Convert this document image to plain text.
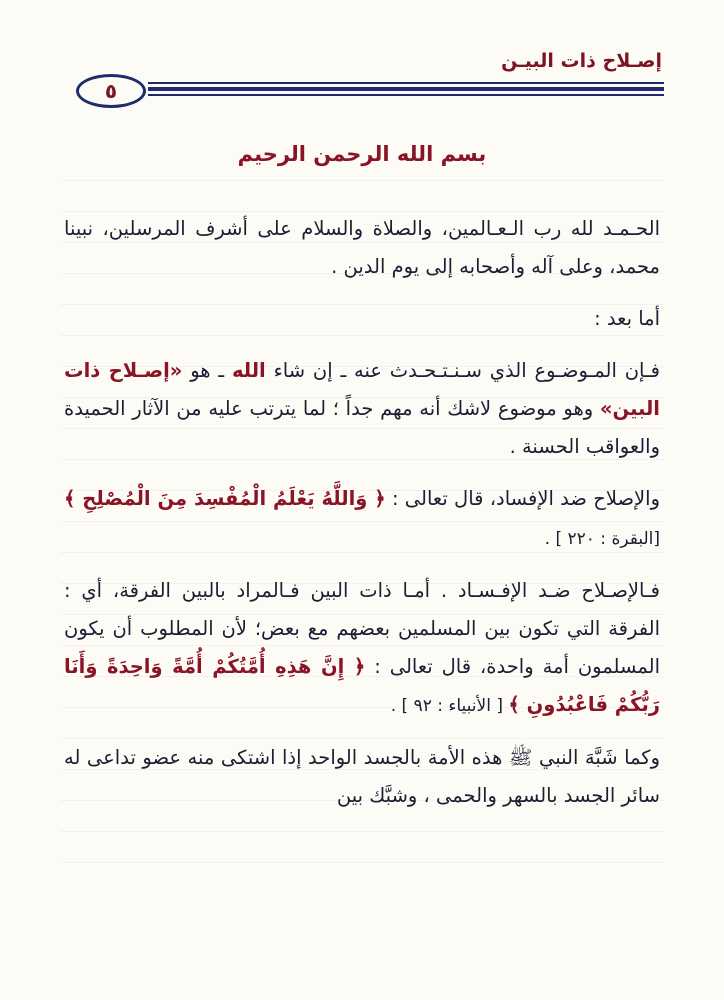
إصـلاح ذات البيـن
٥
بسم الله الرحمن الرحيم

الحـمـد لله رب الـعـالمين، والصلاة والسلام على أشرف المرسلين، نبينا محمد، وعلى آله وأصحابه إلى يوم الدين .

أما بعد :

فـإن المـوضـوع الذي سـنـتـحـدث عنه ـ إن شاء الله ـ هو «إصـلاح ذات البين» وهو موضوع لاشك أنه مهم جداً ؛ لما يترتب عليه من الآثار الحميدة والعواقب الحسنة .

والإصلاح ضد الإفساد، قال تعالى : ﴿ وَاللَّهُ يَعْلَمُ الْمُفْسِدَ مِنَ الْمُصْلِحِ ﴾ [البقرة : ٢٢٠ ] .

فـالإصـلاح ضـد الإفـسـاد . أمـا ذات البين فـالمراد بالبين الفرقة، أي : الفرقة التي تكون بين المسلمين بعضهم مع بعض؛ لأن المطلوب أن يكون المسلمون أمة واحدة، قال تعالى : ﴿ إِنَّ هَذِهِ أُمَّتُكُمْ أُمَّةً وَاحِدَةً وَأَنَا رَبُّكُمْ فَاعْبُدُونِ ﴾ [ الأنبياء : ٩٢ ] .

وكما شَبَّهَ النبي ﷺ هذه الأمة بالجسد الواحد إذا اشتكى منه عضو تداعى له سائر الجسد بالسهر والحمى ، وشبَّك بين
